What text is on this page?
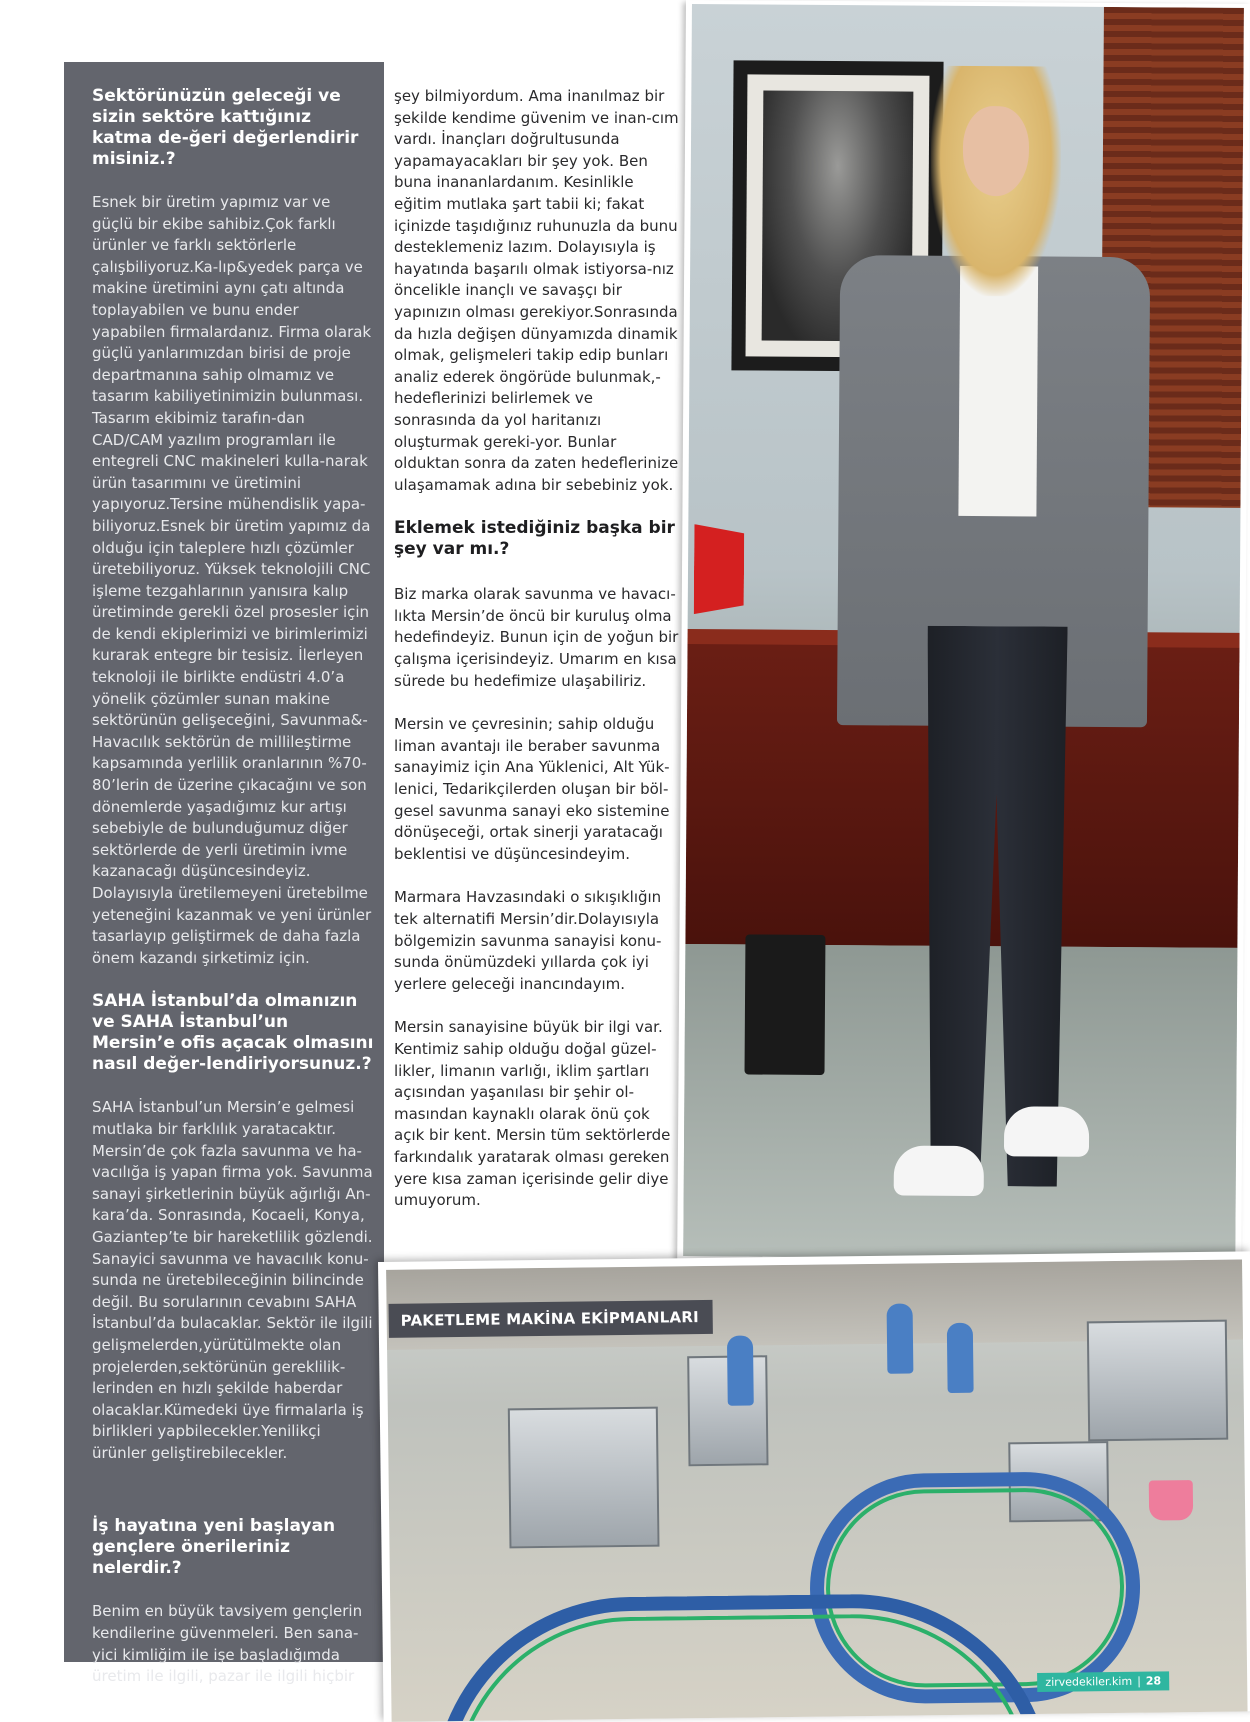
Sektörünüzün geleceği ve sizin sektöre kattığınız katma de-ğeri değerlendirir misiniz.?

Esnek bir üretim yapımız var ve güçlü bir ekibe sahibiz.Çok farklı ürünler ve farklı sektörlerle çalışbiliyoruz.Ka-lıp&yedek parça ve makine üretimini aynı çatı altında toplayabilen ve bunu ender yapabilen firmalardanız. Firma olarak güçlü yanlarımızdan birisi de proje departmanına sahip olmamız ve tasarım kabiliyetinimizin bulunması. Tasarım ekibimiz tarafın-dan CAD/CAM yazılım programları ile entegreli CNC makineleri kulla-narak ürün tasarımını ve üretimini yapıyoruz.Tersine mühendislik yapa-biliyoruz.Esnek bir üretim yapımız da olduğu için taleplere hızlı çözümler üretebiliyoruz. Yüksek teknolojili CNC işleme tezgahlarının yanısıra kalıp üretiminde gerekli özel prosesler için de kendi ekiplerimizi ve birimlerimizi kurarak entegre bir tesisiz. İlerleyen teknoloji ile birlikte endüstri 4.0’a yönelik çözümler sunan makine sektörünün gelişeceğini, Savunma&-Havacılık sektörün de millileştirme kapsamında yerlilik oranlarının %70-80’lerin de üzerine çıkacağını ve son dönemlerde yaşadığımız kur artışı sebebiyle de bulunduğumuz diğer sektörlerde de yerli üretimin ivme kazanacağı düşüncesindeyiz. Dolayısıyla üretilemeyeni üretebilme yeteneğini kazanmak ve yeni ürünler tasarlayıp geliştirmek de daha fazla önem kazandı şirketimiz için.

SAHA İstanbul’da olmanızın ve SAHA İstanbul’un Mersin’e ofis açacak olmasını nasıl değer-lendiriyorsunuz.?

SAHA İstanbul’un Mersin’e gelmesi mutlaka bir farklılık yaratacaktır. Mersin’de çok fazla savunma ve ha-vacılığa iş yapan firma yok. Savunma sanayi şirketlerinin büyük ağırlığı An-kara’da. Sonrasında, Kocaeli, Konya, Gaziantep’te bir hareketlilik gözlendi. Sanayici savunma ve havacılık konu-sunda ne üretebileceğinin bilincinde değil. Bu sorularının cevabını SAHA İstanbul’da bulacaklar. Sektör ile ilgili gelişmelerden,yürütülmekte olan projelerden,sektörünün gereklilik-lerinden en hızlı şekilde haberdar olacaklar.Kümedeki üye firmalarla iş birlikleri yapbilecekler.Yenilikçi ürünler geliştirebilecekler.

İş hayatına yeni başlayan gençlere önerileriniz nelerdir.?

Benim en büyük tavsiyem gençlerin kendilerine güvenmeleri. Ben sana-yici kimliğim ile işe başladığımda üretim ile ilgili, pazar ile ilgili hiçbir

şey bilmiyordum. Ama inanılmaz bir şekilde kendime güvenim ve inan-cım vardı. İnançları doğrultusunda yapamayacakları bir şey yok. Ben buna inananlardanım. Kesinlikle eğitim mutlaka şart tabii ki; fakat içinizde taşıdığınız ruhunuzla da bunu desteklemeniz lazım. Dolayısıyla iş hayatında başarılı olmak istiyorsa-nız öncelikle inançlı ve savaşçı bir yapınızın olması gerekiyor.Sonrasında da hızla değişen dünyamızda dinamik olmak, gelişmeleri takip edip bunları analiz ederek öngörüde bulunmak,-hedeflerinizi belirlemek ve sonrasında da yol haritanızı oluşturmak gereki-yor. Bunlar olduktan sonra da zaten hedeflerinize ulaşamamak adına bir sebebiniz yok.

Eklemek istediğiniz başka bir şey var mı.?

Biz marka olarak savunma ve havacı-lıkta Mersin’de öncü bir kuruluş olma hedefindeyiz. Bunun için de yoğun bir çalışma içerisindeyiz. Umarım en kısa sürede bu hedefimize ulaşabiliriz.

Mersin ve çevresinin; sahip olduğu liman avantajı ile beraber savunma sanayimiz için Ana Yüklenici, Alt Yük-lenici, Tedarikçilerden oluşan bir böl-gesel savunma sanayi eko sistemine dönüşeceği, ortak sinerji yaratacağı beklentisi ve düşüncesindeyim.

Marmara Havzasındaki o sıkışıklığın tek alternatifi Mersin’dir.Dolayısıyla bölgemizin savunma sanayisi konu-sunda önümüzdeki yıllarda çok iyi yerlere geleceği inancındayım.

Mersin sanayisine büyük bir ilgi var. Kentimiz sahip olduğu doğal güzel-likler, limanın varlığı, iklim şartları açısından yaşanılası bir şehir ol-masından kaynaklı olarak önü çok açık bir kent. Mersin tüm sektörlerde farkındalık yaratarak olması gereken yere kısa zaman içerisinde gelir diye umuyorum.

PAKETLEME MAKİNA EKİPMANLARI
zirvedekiler.kim | 28
